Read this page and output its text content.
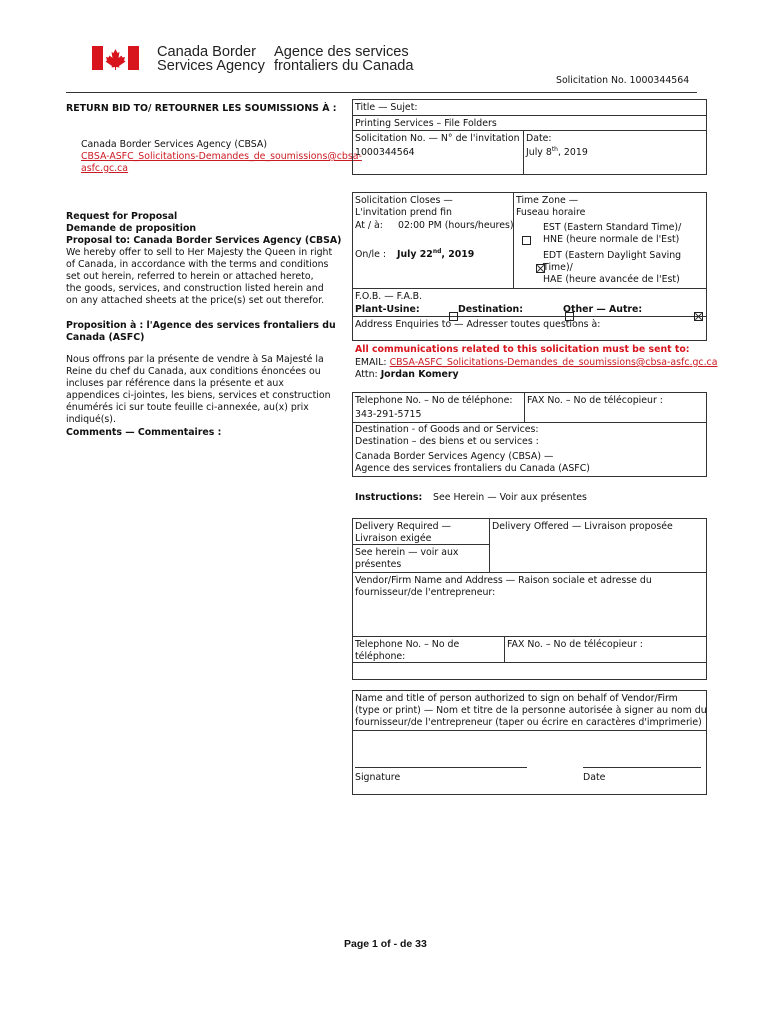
Canada Border
Services Agency
Agence des services
frontaliers du Canada
Solicitation No. 1000344564
RETURN BID TO/ RETOURNER LES SOUMISSIONS À :
Canada Border Services Agency (CBSA)
CBSA-ASFC_Solicitations-Demandes_de_soumissions@cbsa-
asfc.gc.ca
Request for Proposal
Demande de proposition
Proposal to: Canada Border Services Agency (CBSA)
We hereby offer to sell to Her Majesty the Queen in right
of Canada, in accordance with the terms and conditions
set out herein, referred to herein or attached hereto,
the goods, services, and construction listed herein and
on any attached sheets at the price(s) set out therefor.
Proposition à : l'Agence des services frontaliers du
Canada (ASFC)
Nous offrons par la présente de vendre à Sa Majesté la
Reine du chef du Canada, aux conditions énoncées ou
incluses par référence dans la présente et aux
appendices ci-jointes, les biens, services et construction
énumérés ici sur toute feuille ci-annexée, au(x) prix
indiqué(s).
Comments — Commentaires :
Title — Sujet:
Printing Services – File Folders
Solicitation No. — N° de l'invitation
1000344564
Date:
July 8th, 2019
Solicitation Closes —
L'invitation prend fin
At / à: 02:00 PM (hours/heures)
On/le : July 22nd, 2019
Time Zone —
Fuseau horaire

EST (Eastern Standard Time)/
HNE (heure normale de l'Est)

EDT (Eastern Daylight Saving
Time)/
HAE (heure avancée de l'Est)
F.O.B. — F.A.B.
Plant-Usine:
	Destination:
	Other — Autre:
Address Enquiries to — Adresser toutes questions à:
All communications related to this solicitation must be sent to:
EMAIL: CBSA-ASFC_Solicitations-Demandes_de_soumissions@cbsa-asfc.gc.ca
Attn: Jordan Komery
Telephone No. – No de téléphone:
343-291-5715
FAX No. – No de télécopieur :
Destination - of Goods and or Services:
Destination – des biens et ou services :
Canada Border Services Agency (CBSA) —
Agence des services frontaliers du Canada (ASFC)
Instructions: See Herein — Voir aux présentes
Delivery Required —
Livraison exigée
See herein — voir aux
présentes
Delivery Offered — Livraison proposée
Vendor/Firm Name and Address — Raison sociale et adresse du
fournisseur/de l'entrepreneur:
Telephone No. – No de
téléphone:
FAX No. – No de télécopieur :
Name and title of person authorized to sign on behalf of Vendor/Firm
(type or print) — Nom et titre de la personne autorisée à signer au nom du
fournisseur/de l'entrepreneur (taper ou écrire en caractères d'imprimerie)
Signature	Date
Page 1 of - de 33
